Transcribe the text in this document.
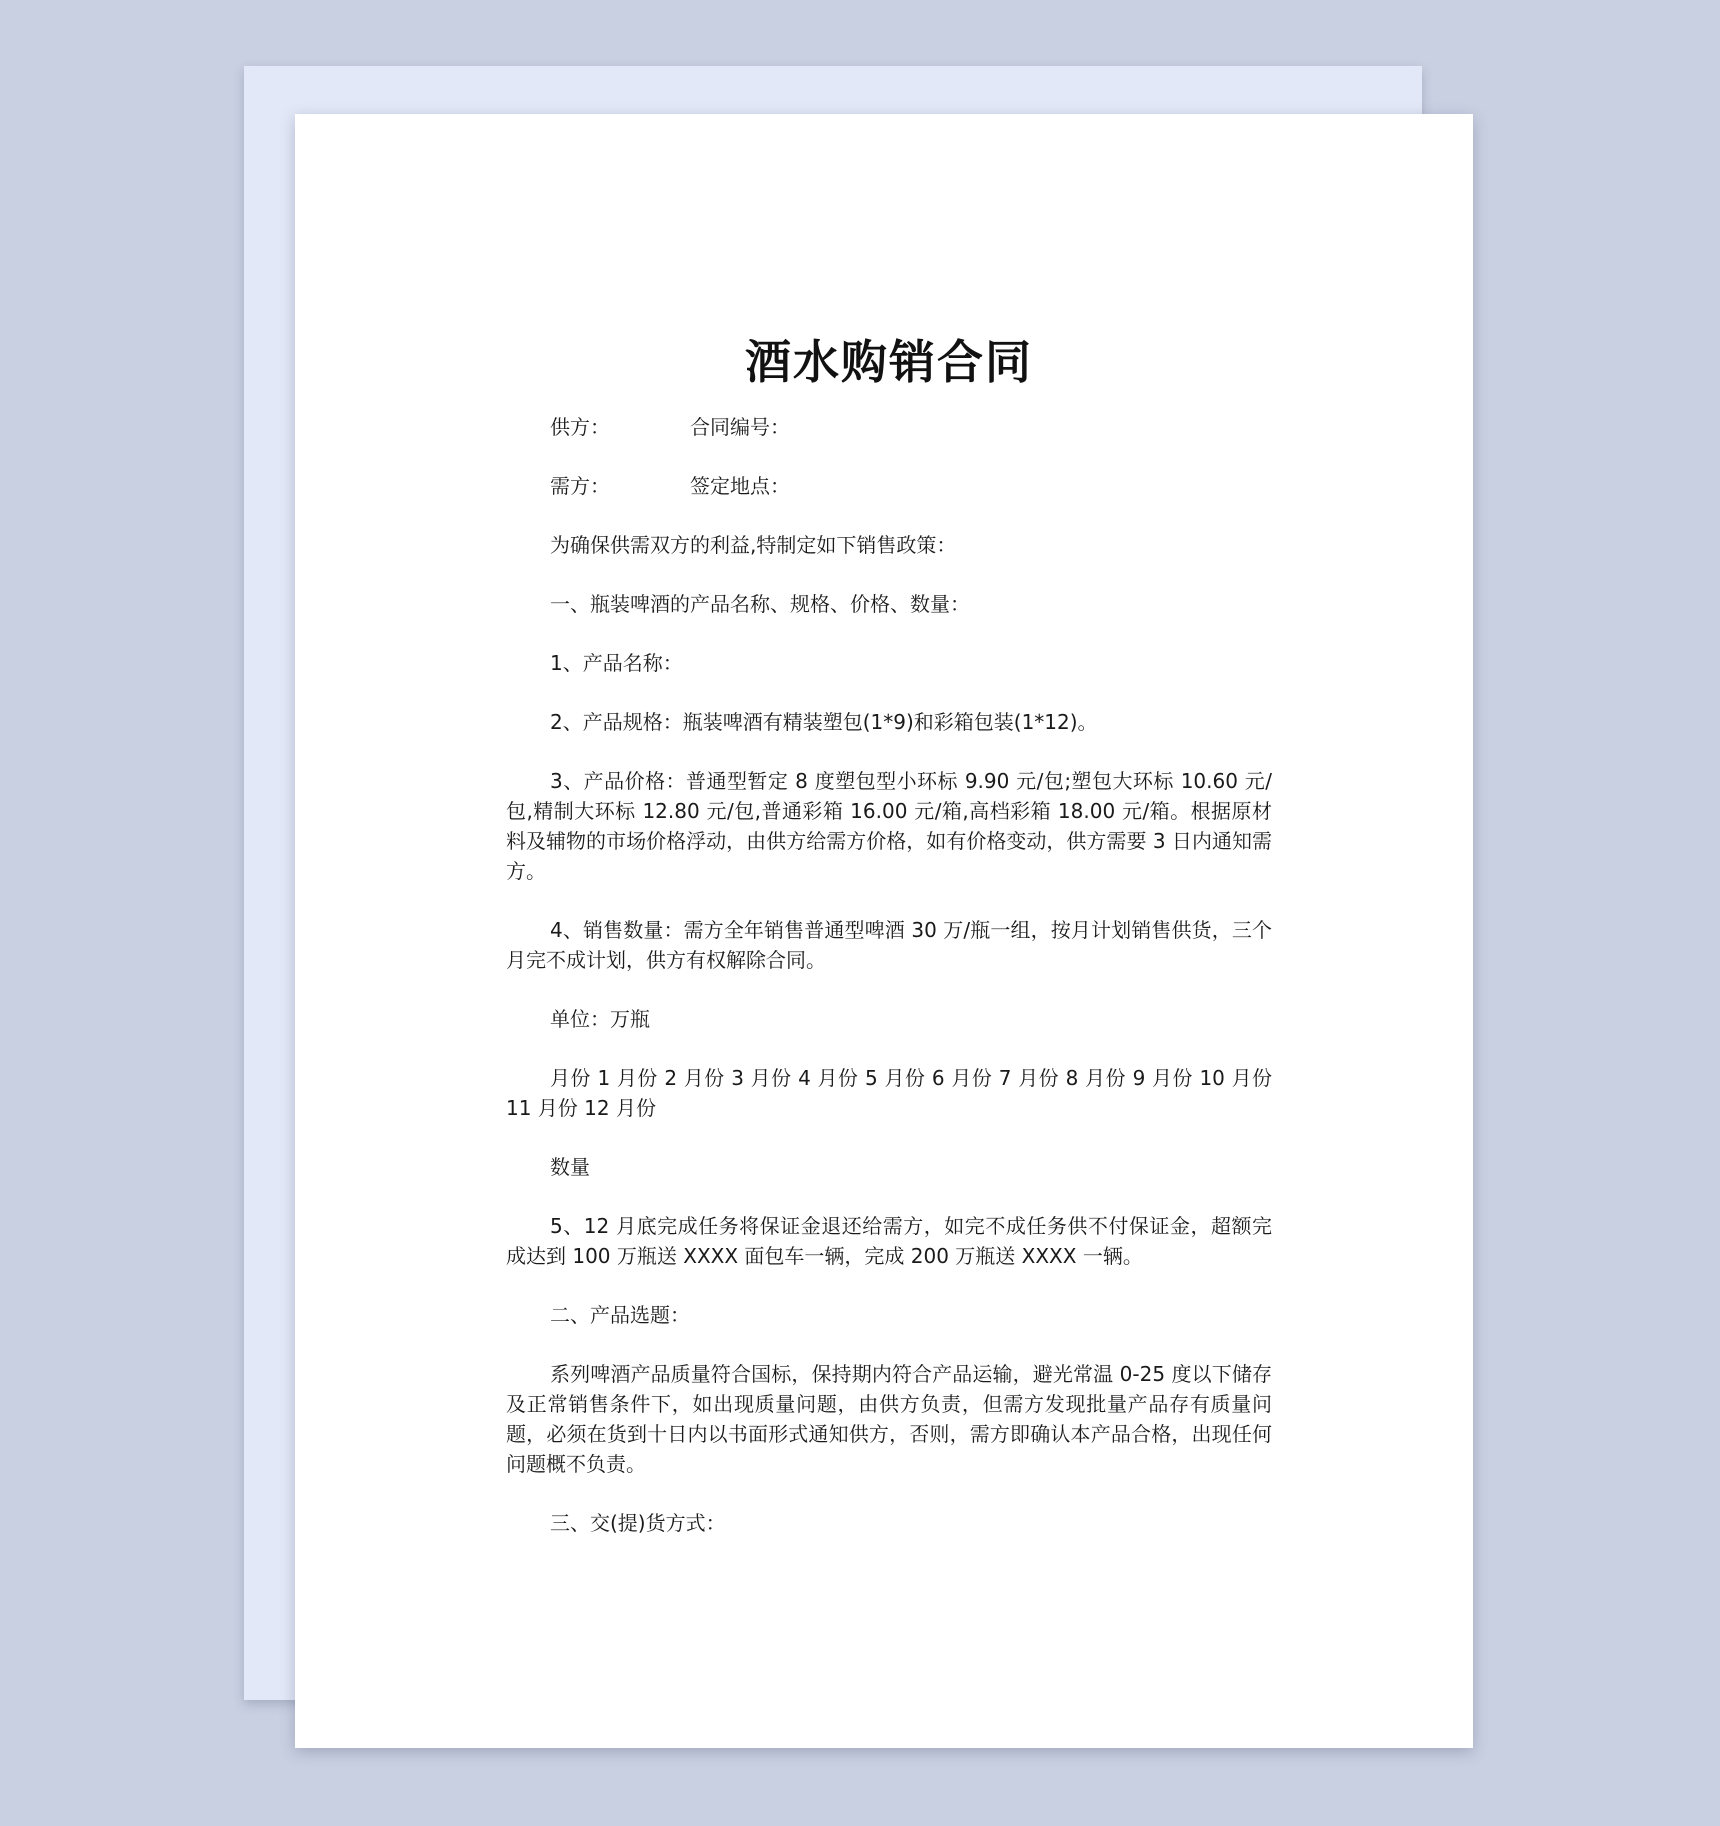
酒水购销合同
供方：	合同编号：
需方：	签定地点：

为确保供需双方的利益,特制定如下销售政策：

一、瓶装啤酒的产品名称、规格、价格、数量：

1、产品名称：

2、产品规格：瓶装啤酒有精装塑包(1*9)和彩箱包装(1*12)。

3、产品价格：普通型暂定 8 度塑包型小环标 9.90 元/包;塑包大环标 10.60 元/包,精制大环标 12.80 元/包,普通彩箱 16.00 元/箱,高档彩箱 18.00 元/箱。根据原材料及辅物的市场价格浮动，由供方给需方价格，如有价格变动，供方需要 3 日内通知需方。

4、销售数量：需方全年销售普通型啤酒 30 万/瓶一组，按月计划销售供货，三个月完不成计划，供方有权解除合同。

单位：万瓶

月份 1 月份 2 月份 3 月份 4 月份 5 月份 6 月份 7 月份 8 月份 9 月份 10 月份 11 月份 12 月份

数量

5、12 月底完成任务将保证金退还给需方，如完不成任务供不付保证金，超额完成达到 100 万瓶送 XXXX 面包车一辆，完成 200 万瓶送 XXXX 一辆。

二、产品选题：

系列啤酒产品质量符合国标，保持期内符合产品运输，避光常温 0-25 度以下储存及正常销售条件下，如出现质量问题，由供方负责，但需方发现批量产品存有质量问题，必须在货到十日内以书面形式通知供方，否则，需方即确认本产品合格，出现任何问题概不负责。

三、交(提)货方式：
